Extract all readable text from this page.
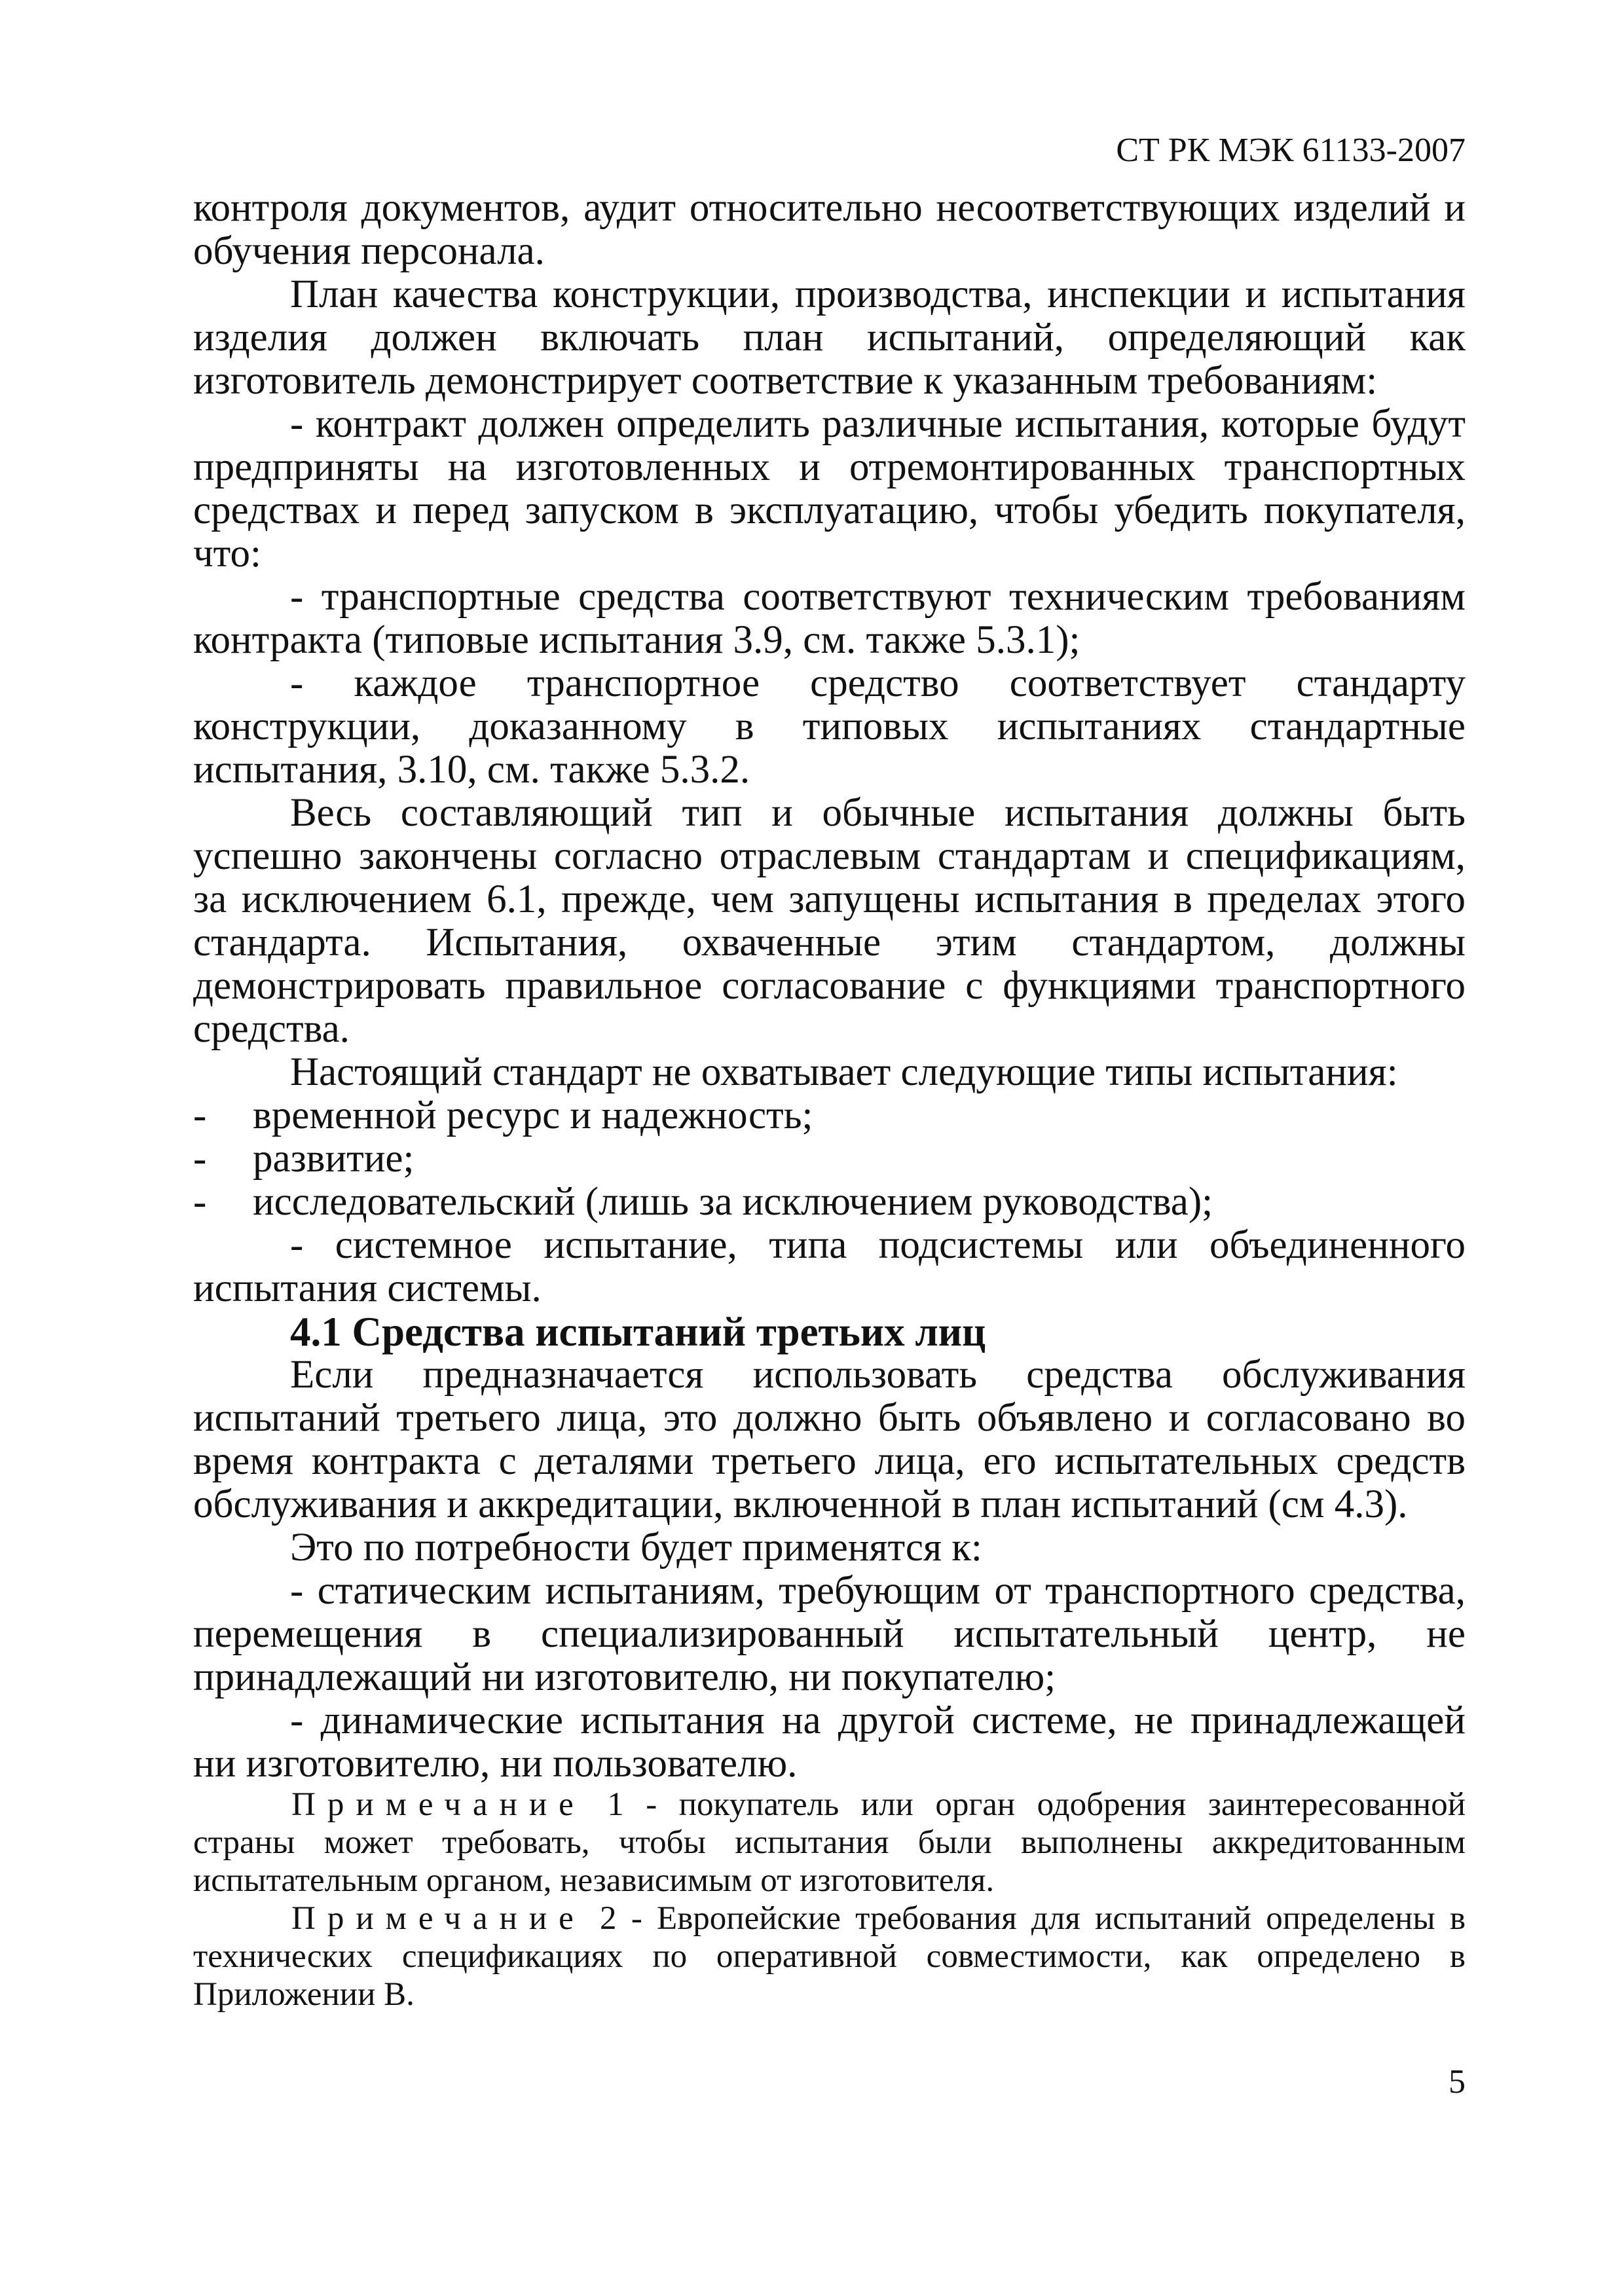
СТ РК МЭК 61133-2007

контроля документов, аудит относительно несоответствующих изделий и обучения персонала.

План качества конструкции, производства, инспекции и испытания изделия должен включать план испытаний, определяющий как изготовитель демонстрирует соответствие к указанным требованиям:

- контракт должен определить различные испытания, которые будут предприняты на изготовленных и отремонтированных транспортных средствах и перед запуском в эксплуатацию, чтобы убедить покупателя, что:

- транспортные средства соответствуют техническим требованиям контракта (типовые испытания 3.9, см. также 5.3.1);

- каждое транспортное средство соответствует стандарту конструкции, доказанному в типовых испытаниях стандартные испытания, 3.10, см. также 5.3.2.

Весь составляющий тип и обычные испытания должны быть успешно закончены согласно отраслевым стандартам и спецификациям, за исключением 6.1, прежде, чем запущены испытания в пределах этого стандарта. Испытания, охваченные этим стандартом, должны демонстрировать правильное согласование с функциями транспортного средства.

Настоящий стандарт не охватывает следующие типы испытания:

-	временной ресурс и надежность;
-	развитие;
-	исследовательский (лишь за исключением руководства);

- системное испытание, типа подсистемы или объединенного испытания системы.

4.1 Средства испытаний третьих лиц

Если предназначается использовать средства обслуживания испытаний третьего лица, это должно быть объявлено и согласовано во время контракта с деталями третьего лица, его испытательных средств обслуживания и аккредитации, включенной в план испытаний (см 4.3).

Это по потребности будет применятся к:

- статическим испытаниям, требующим от транспортного средства, перемещения в специализированный испытательный центр, не принадлежащий ни изготовителю, ни покупателю;

- динамические испытания на другой системе, не принадлежащей ни изготовителю, ни пользователю.

Примечание 1 - покупатель или орган одобрения заинтересованной страны может требовать, чтобы испытания были выполнены аккредитованным испытательным органом, независимым от изготовителя.

Примечание 2 - Европейские требования для испытаний определены в технических спецификациях по оперативной совместимости, как определено в Приложении В.

5
